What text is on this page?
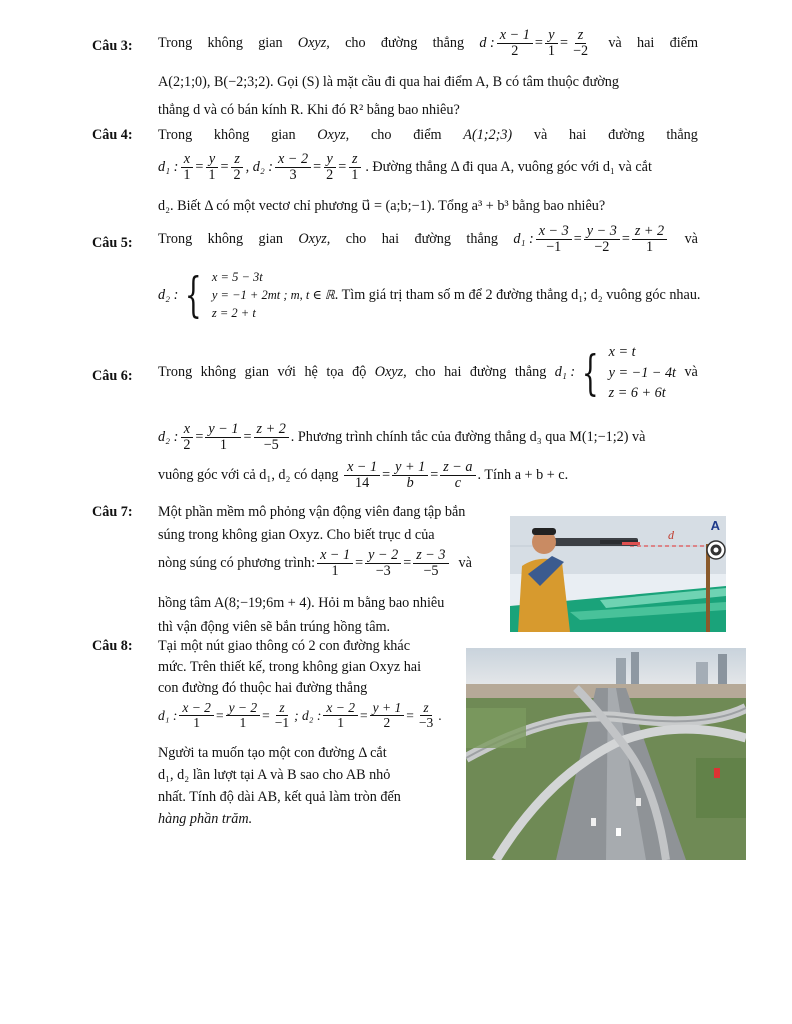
Câu 3: Trong không gian Oxyz, cho đường thẳng d : $\frac{x - 1}{2} = \frac{y}{1} = \frac{z}{-2}$ và hai điểm
A(2;1;0), B(−2;3;2). Gọi (S) là mặt cầu đi qua hai điểm A, B có tâm thuộc đường
thẳng d và có bán kính R. Khi đó R² bằng bao nhiêu?
Câu 4: Trong không gian Oxyz, cho điểm A(1;2;3) và hai đường thẳng
d₁ : $\frac{x}{1} = \frac{y}{1} = \frac{z}{2}$ , d₂ : $\frac{x - 2}{3} = \frac{y}{2} = \frac{z}{1}$ . Đường thẳng Δ đi qua A, vuông góc với d₁ và cắt
d₂. Biết Δ có một vectơ chỉ phương u⃗ = (a;b;−1). Tổng a³ + b³ bằng bao nhiêu?
Câu 5: Trong không gian Oxyz, cho hai đường thẳng d₁ : $\frac{x - 3}{-1} = \frac{y - 3}{-2} = \frac{z + 2}{1}$ và
d₂ : { x = 5 − 3t
y = −1 + 2mt ; m, t ∈ ℝ
z = 2 + t
. Tìm giá trị tham số m để 2 đường thẳng d₁; d₂ vuông góc nhau.
Câu 6: Trong không gian với hệ tọa độ Oxyz, cho hai đường thẳng d₁ : { x = t
y = −1 − 4t
z = 6 + 6t
và
d₂ : $\frac{x}{2} = \frac{y - 1}{1} = \frac{z + 2}{-5}$ . Phương trình chính tắc của đường thẳng d₃ qua M(1;−1;2) và
vuông góc với cả d₁, d₂ có dạng
$\frac{x - 1}{14} = \frac{y + 1}{b} = \frac{z - a}{c}$ . Tính a + b + c.
Câu 7: Một phần mềm mô phỏng vận động viên đang tập bắn
súng trong không gian Oxyz. Cho biết trục d của
nòng súng có phương trình: $\frac{x - 1}{1} = \frac{y - 2}{-3} = \frac{z - 3}{-5}$ và
hồng tâm A(8;−19;6m + 4). Hỏi m bằng bao nhiêu
thì vận động viên sẽ bắn trúng hồng tâm.
A
d
Câu 8: Tại một nút giao thông có 2 con đường khác
mức. Trên thiết kế, trong không gian Oxyz hai
con đường đó thuộc hai đường thẳng
d₁ : $\frac{x - 2}{1} = \frac{y - 2}{1} = \frac{z}{-1}$ ; d₂ : $\frac{x - 2}{1} = \frac{y + 1}{2} = \frac{z}{-3}$ .
Người ta muốn tạo một con đường Δ cắt
d₁, d₂ lần lượt tại A và B sao cho AB nhỏ
nhất. Tính độ dài AB, kết quả làm tròn đến
hàng phần trăm.
